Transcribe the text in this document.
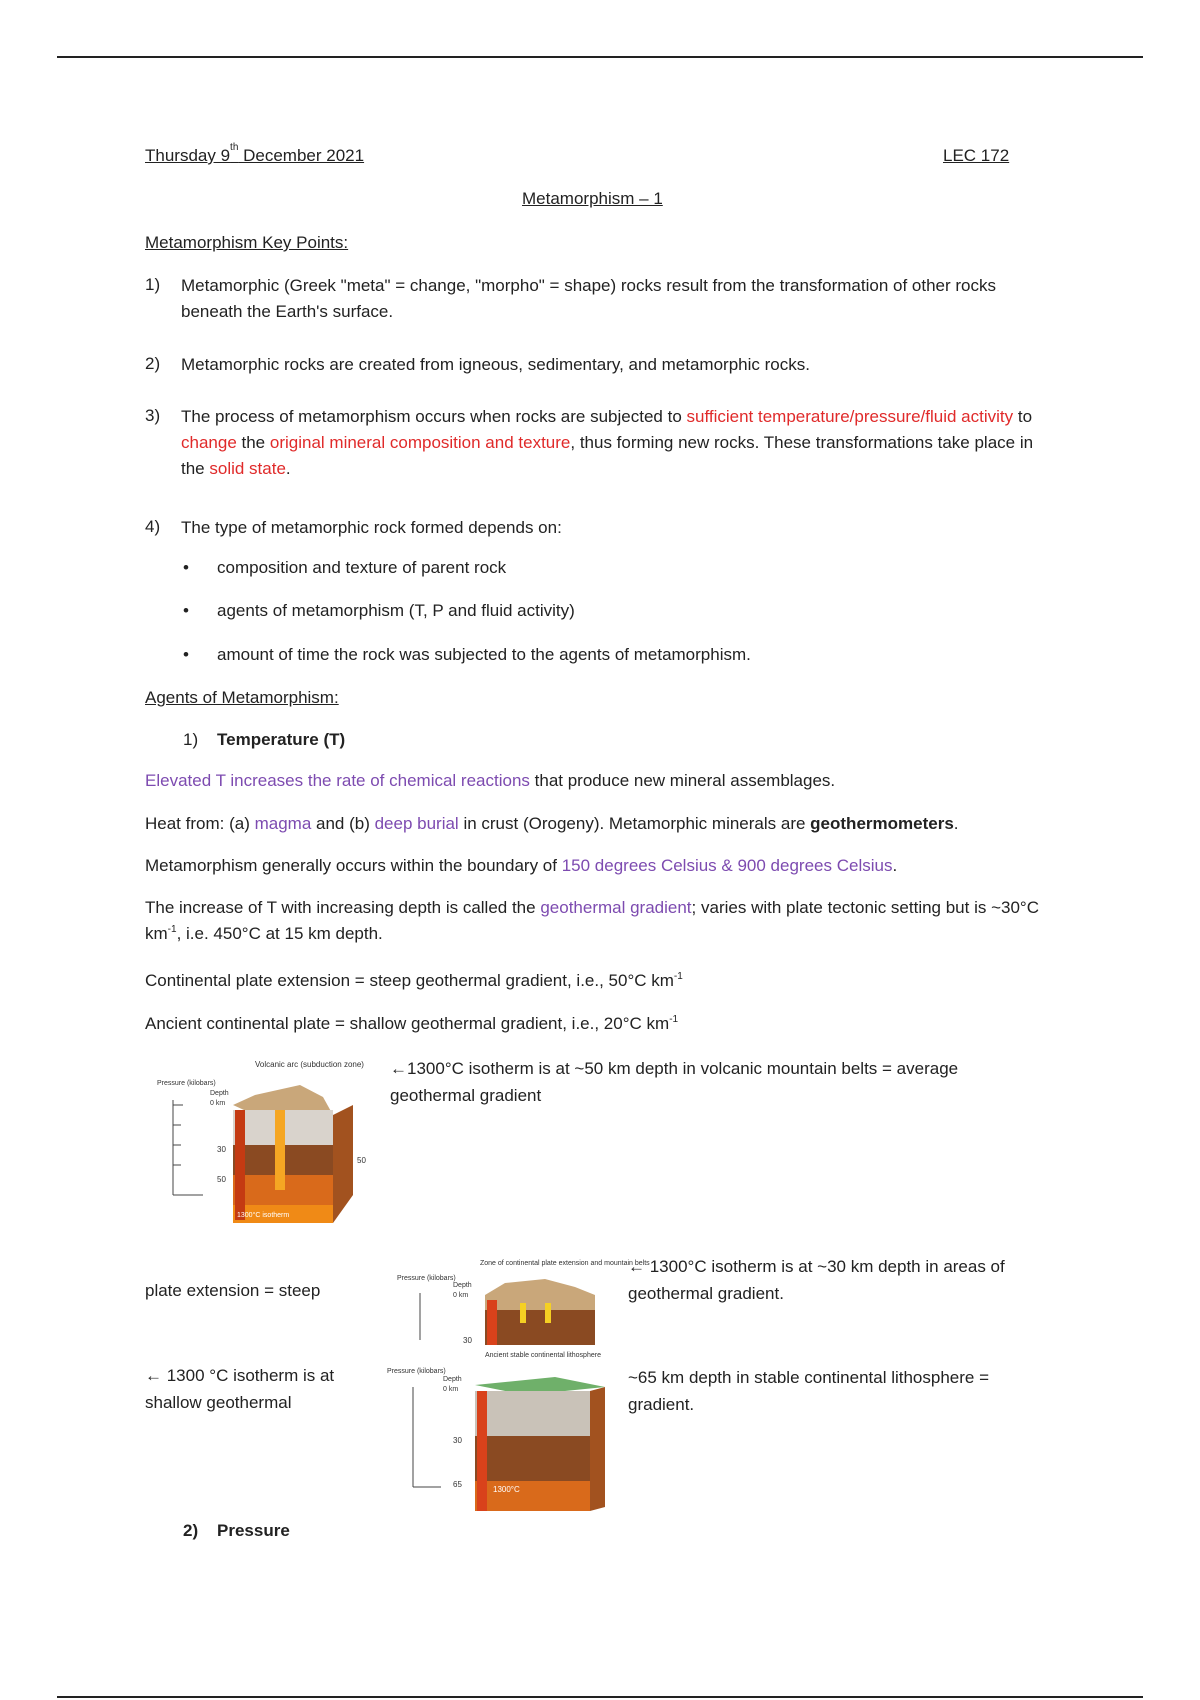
Thursday 9th December 2021	LEC 172
Metamorphism – 1
Metamorphism Key Points:
1)	Metamorphic (Greek "meta" = change, "morpho" = shape) rocks result from the transformation of other rocks beneath the Earth's surface.
2)	Metamorphic rocks are created from igneous, sedimentary, and metamorphic rocks.
3)	The process of metamorphism occurs when rocks are subjected to sufficient temperature/pressure/fluid activity to change the original mineral composition and texture, thus forming new rocks. These transformations take place in the solid state.
4)	The type of metamorphic rock formed depends on:
• composition and texture of parent rock
• agents of metamorphism (T, P and fluid activity)
• amount of time the rock was subjected to the agents of metamorphism.
Agents of Metamorphism:
1) Temperature (T)
Elevated T increases the rate of chemical reactions that produce new mineral assemblages.
Heat from: (a) magma and (b) deep burial in crust (Orogeny). Metamorphic minerals are geothermometers.
Metamorphism generally occurs within the boundary of 150 degrees Celsius & 900 degrees Celsius.
The increase of T with increasing depth is called the geothermal gradient; varies with plate tectonic setting but is ~30°C $km^{-1}$, i.e. 450°C at 15 km depth.
Continental plate extension = steep geothermal gradient, i.e., 50°C $km^{-1}$
Ancient continental plate = shallow geothermal gradient, i.e., 20°C $km^{-1}$
Volcanic arc (subduction zone)
Pressure (kilobars)
Depth
0 km
30
50
50
1300°C isotherm
←1300°C isotherm is at ~50 km depth in volcanic mountain belts = average geothermal gradient
Zone of continental plate extension and mountain belts
Pressure (kilobars)
Depth
0 km
30
← 1300°C isotherm is at ~30 km depth in areas of geothermal gradient.
plate extension = steep
Ancient stable continental lithosphere
Pressure (kilobars)
Depth
0 km
30
65
1300°C
← 1300 °C isotherm is at shallow geothermal
~65 km depth in stable continental lithosphere = gradient.
2) Pressure
